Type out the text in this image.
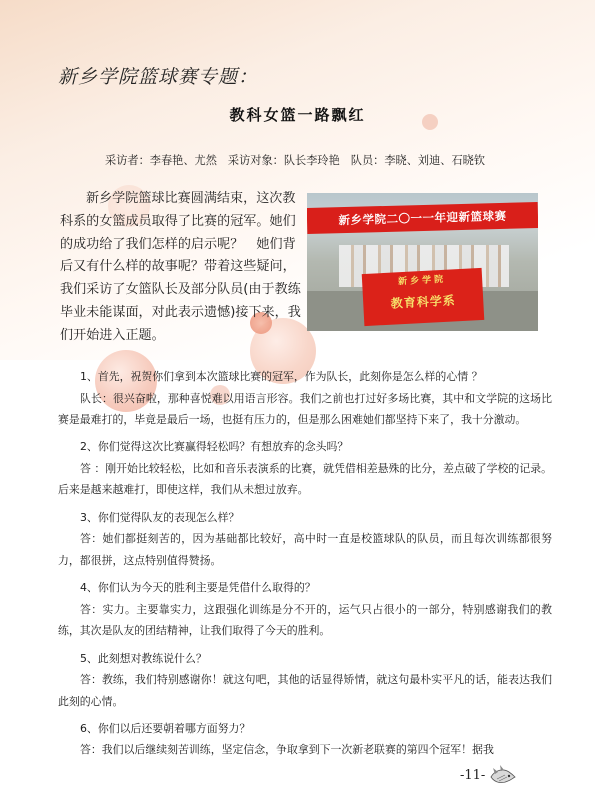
新乡学院篮球赛专题：
教科女篮一路飘红
采访者：李春艳、尤然 采访对象：队长李玲艳 队员：李晓、刘迪、石晓钦

新乡学院篮球比赛圆满结束，这次教科系的女篮成员取得了比赛的冠军。她们的成功给了我们怎样的启示呢？　她们背后又有什么样的故事呢？带着这些疑问，我们采访了女篮队长及部分队员(由于教练毕业未能谋面，对此表示遗憾)接下来，我们开始进入正题。

新乡学院二〇一一年迎新篮球赛
新乡学院
教育科学系

1、首先，祝贺你们拿到本次篮球比赛的冠军，作为队长，此刻你是怎么样的心情 ？

队长：很兴奋啦，那种喜悦难以用语言形容。我们之前也打过好多场比赛，其中和文学院的这场比赛是最难打的，毕竟是最后一场，也挺有压力的，但是那么困难她们都坚持下来了，我十分激动。

2、你们觉得这次比赛赢得轻松吗？有想放弃的念头吗？

答 ：刚开始比较轻松，比如和音乐表演系的比赛，就凭借相差悬殊的比分，差点破了学校的记录。后来是越来越难打，即使这样，我们从未想过放弃。

3、你们觉得队友的表现怎么样？

答：她们都挺刻苦的，因为基础都比较好，高中时一直是校篮球队的队员，而且每次训练都很努力，都很拼，这点特别值得赞扬。

4、你们认为今天的胜利主要是凭借什么取得的？

答：实力。主要靠实力，这跟强化训练是分不开的，运气只占很小的一部分，特别感谢我们的教练，其次是队友的团结精神，让我们取得了今天的胜利。

5、此刻想对教练说什么？

答：教练，我们特别感谢你！就这句吧，其他的话显得矫情，就这句最朴实平凡的话，能表达我们此刻的心情。

6、你们以后还要朝着哪方面努力？

答：我们以后继续刻苦训练，坚定信念，争取拿到下一次新老联赛的第四个冠军！据我

-11-
